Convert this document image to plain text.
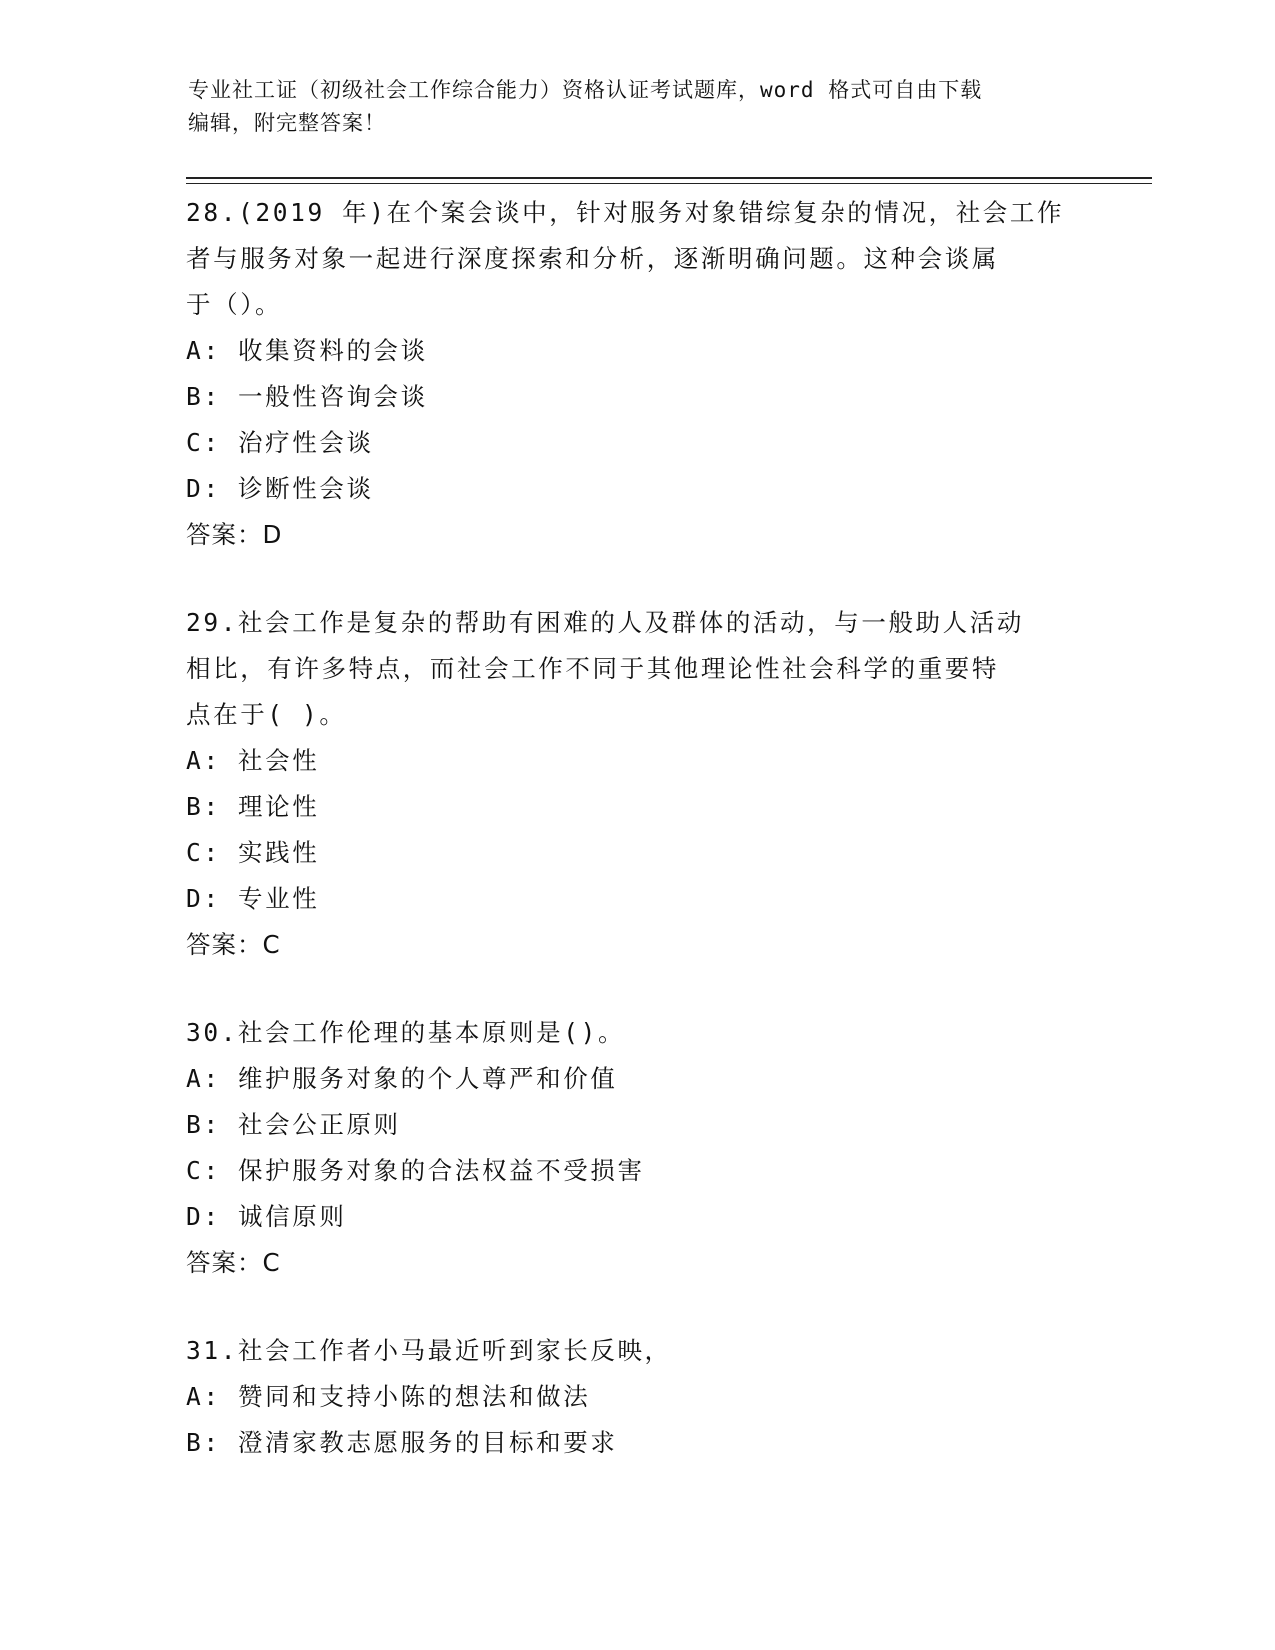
专业社工证（初级社会工作综合能力）资格认证考试题库，word 格式可自由下载
编辑，附完整答案！
28.(2019 年)在个案会谈中，针对服务对象错综复杂的情况，社会工作
者与服务对象一起进行深度探索和分析，逐渐明确问题。这种会谈属
于（）。
A: 收集资料的会谈
B: 一般性咨询会谈
C: 治疗性会谈
D: 诊断性会谈
答案：D
29.社会工作是复杂的帮助有困难的人及群体的活动，与一般助人活动
相比，有许多特点，而社会工作不同于其他理论性社会科学的重要特
点在于( )。
A: 社会性
B: 理论性
C: 实践性
D: 专业性
答案：C
30.社会工作伦理的基本原则是()。
A: 维护服务对象的个人尊严和价值
B: 社会公正原则
C: 保护服务对象的合法权益不受损害
D: 诚信原则
答案：C
31.社会工作者小马最近听到家长反映，
A: 赞同和支持小陈的想法和做法
B: 澄清家教志愿服务的目标和要求
